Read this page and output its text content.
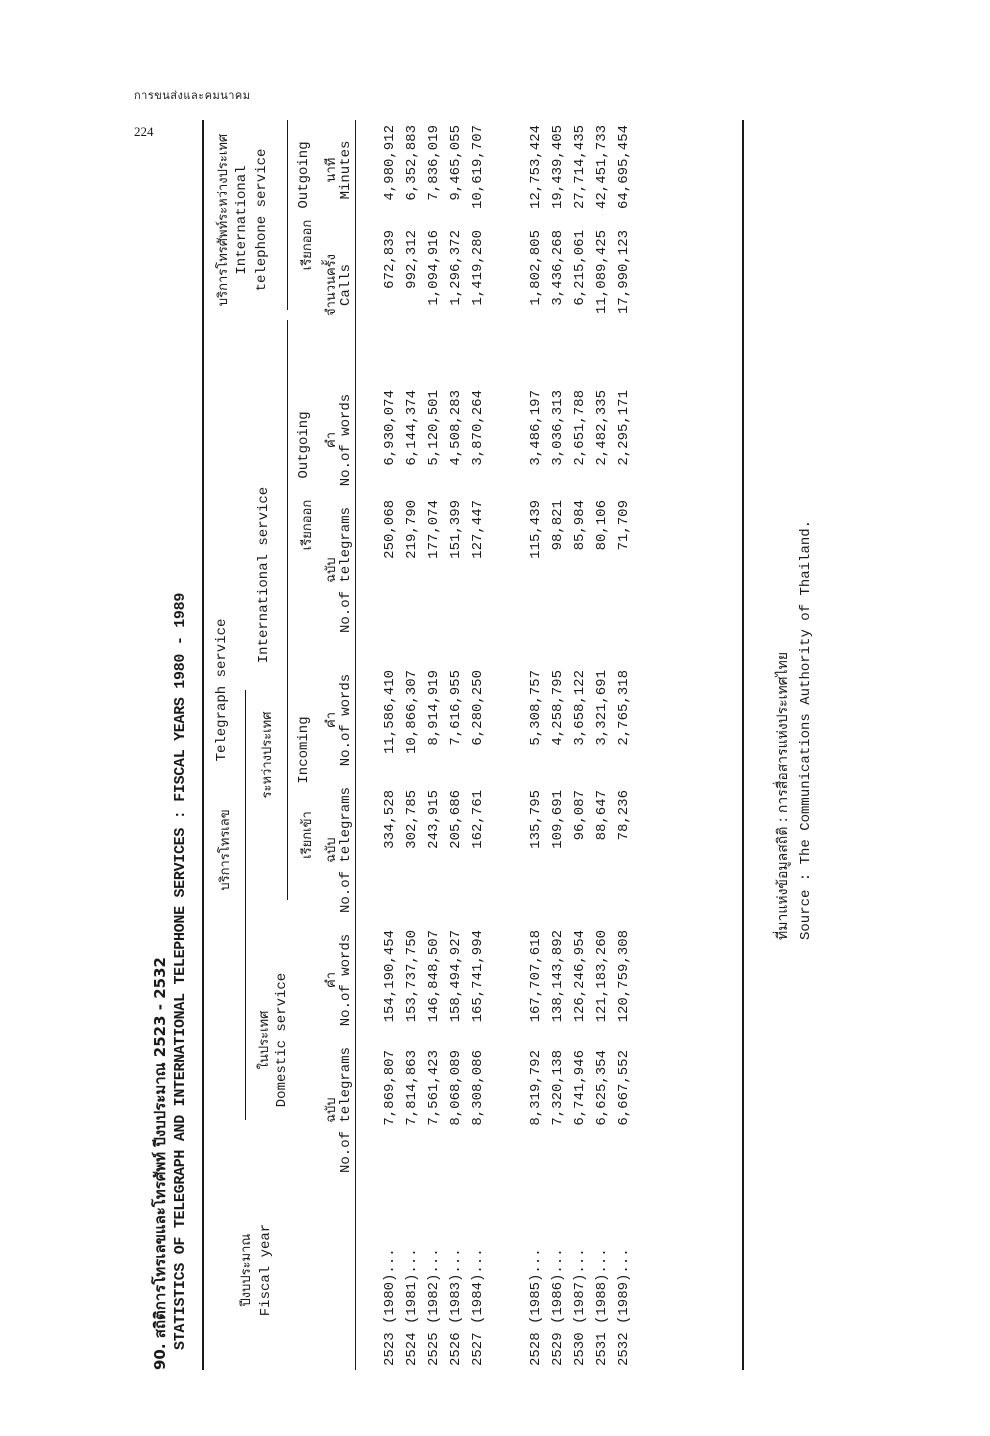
การขนส่งและคมนาคม
224
90. สถิติการโทรเลขและโทรศัพท์ ปีงบประมาณ 2523 - 2532 STATISTICS OF TELEGRAPH AND INTERNATIONAL TELEPHONE SERVICES : FISCAL YEARS 1980 - 1989	ปีงบประมาณ Fiscal year
บริการโทรเลข
Telegraph service
ในประเทศ Domestic service
ระหว่างประเทศ
International service
เรียกเข้า
Incoming
เรียกออก
Outgoing
บริการโทรศัพท์ระหว่างประเทศ International telephone service	เรียกออก
Outgoing
ฉบับ No.of telegrams
คำ No.of words
ฉบับ No.of telegrams
คำ No.of words
ฉบับ No.of telegrams
คำ No.of words
จำนวนครั้ง Calls
นาที Minutes
2523 (1980)...
7,869,807
154,190,454
334,528
11,586,410
250,068
6,930,074
672,839
4,980,912
2524 (1981)...
7,814,863
153,737,750
302,785
10,866,307
219,790
6,144,374
992,312
6,352,883
2525 (1982)...
7,561,423
146,848,507
243,915
8,914,919
177,074
5,120,501
1,094,916
7,836,019
2526 (1983)...
8,068,089
158,494,927
205,686
7,616,955
151,399
4,508,283
1,296,372
9,465,055
2527 (1984)...
8,308,086
165,741,994
162,761
6,280,250
127,447
3,870,264
1,419,280
10,619,707
2528 (1985)...
8,319,792
167,707,618
135,795
5,308,757
115,439
3,486,197
1,802,805
12,753,424
2529 (1986)...
7,320,138
138,143,892
109,691
4,258,795
98,821
3,036,313
3,436,268
19,439,405
2530 (1987)...
6,741,946
126,246,954
96,087
3,658,122
85,984
2,651,788
6,215,061
27,714,435
2531 (1988)...
6,625,354
121,183,260
88,647
3,321,691
80,106
2,482,335
11,089,425
42,451,733
2532 (1989)...
6,667,552
120,759,308
78,236
2,765,318
71,709
2,295,171
17,990,123
64,695,454
ที่มาแห่งข้อมูลสถิติ : การสื่อสารแห่งประเทศไทย Source : The Communications Authority of Thailand.
